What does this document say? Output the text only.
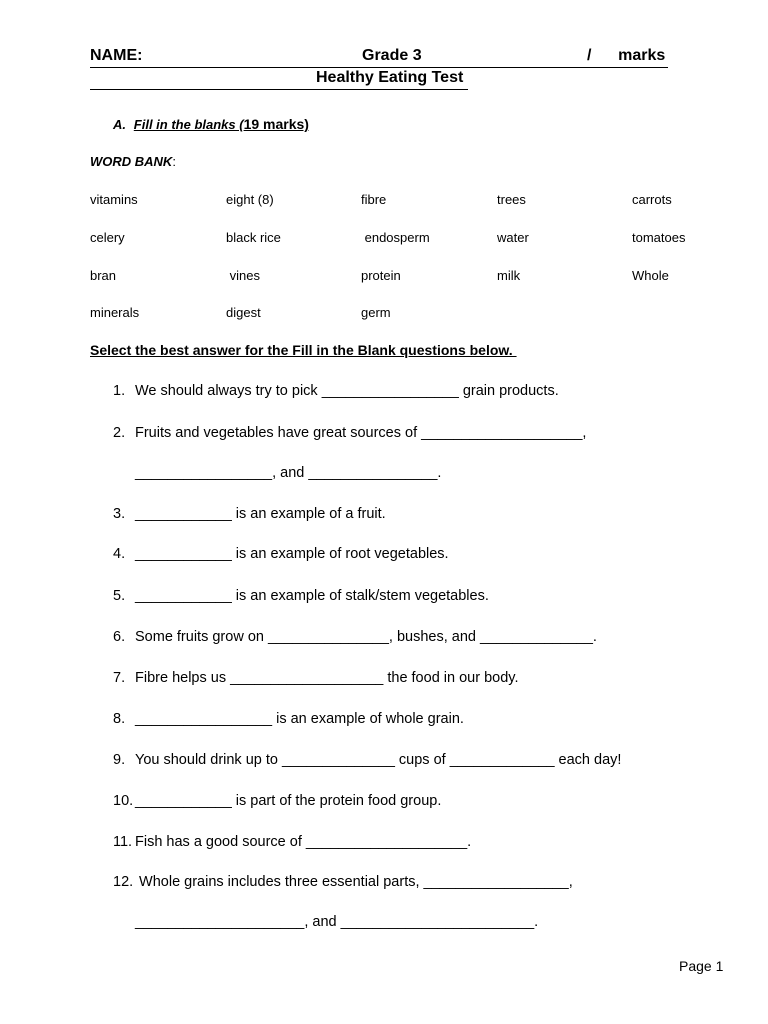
NAME:

	Grade 3

	/      marks

Healthy Eating Test

A. Fill in the blanks (19 marks)
WORD BANK:
vitamins	eight (8)	fibre	trees	carrots
celery	black rice	endosperm	water	tomatoes
bran	vines	protein	milk	Whole
minerals	digest	germ
Select the best answer for the Fill in the Blank questions below.
1. We should always try to pick _________________ grain products.
2. Fruits and vegetables have great sources of ____________________,
_________________, and ________________.
3. ____________ is an example of a fruit.
4. ____________ is an example of root vegetables.
5. ____________ is an example of stalk/stem vegetables.
6. Some fruits grow on _______________, bushes, and ______________.
7. Fibre helps us ___________________ the food in our body.
8. _________________ is an example of whole grain.
9. You should drink up to ______________ cups of _____________ each day!
10. ____________ is part of the protein food group.
11. Fish has a good source of ____________________.
12. Whole grains includes three essential parts, __________________,
_____________________, and ________________________.
Page 1
